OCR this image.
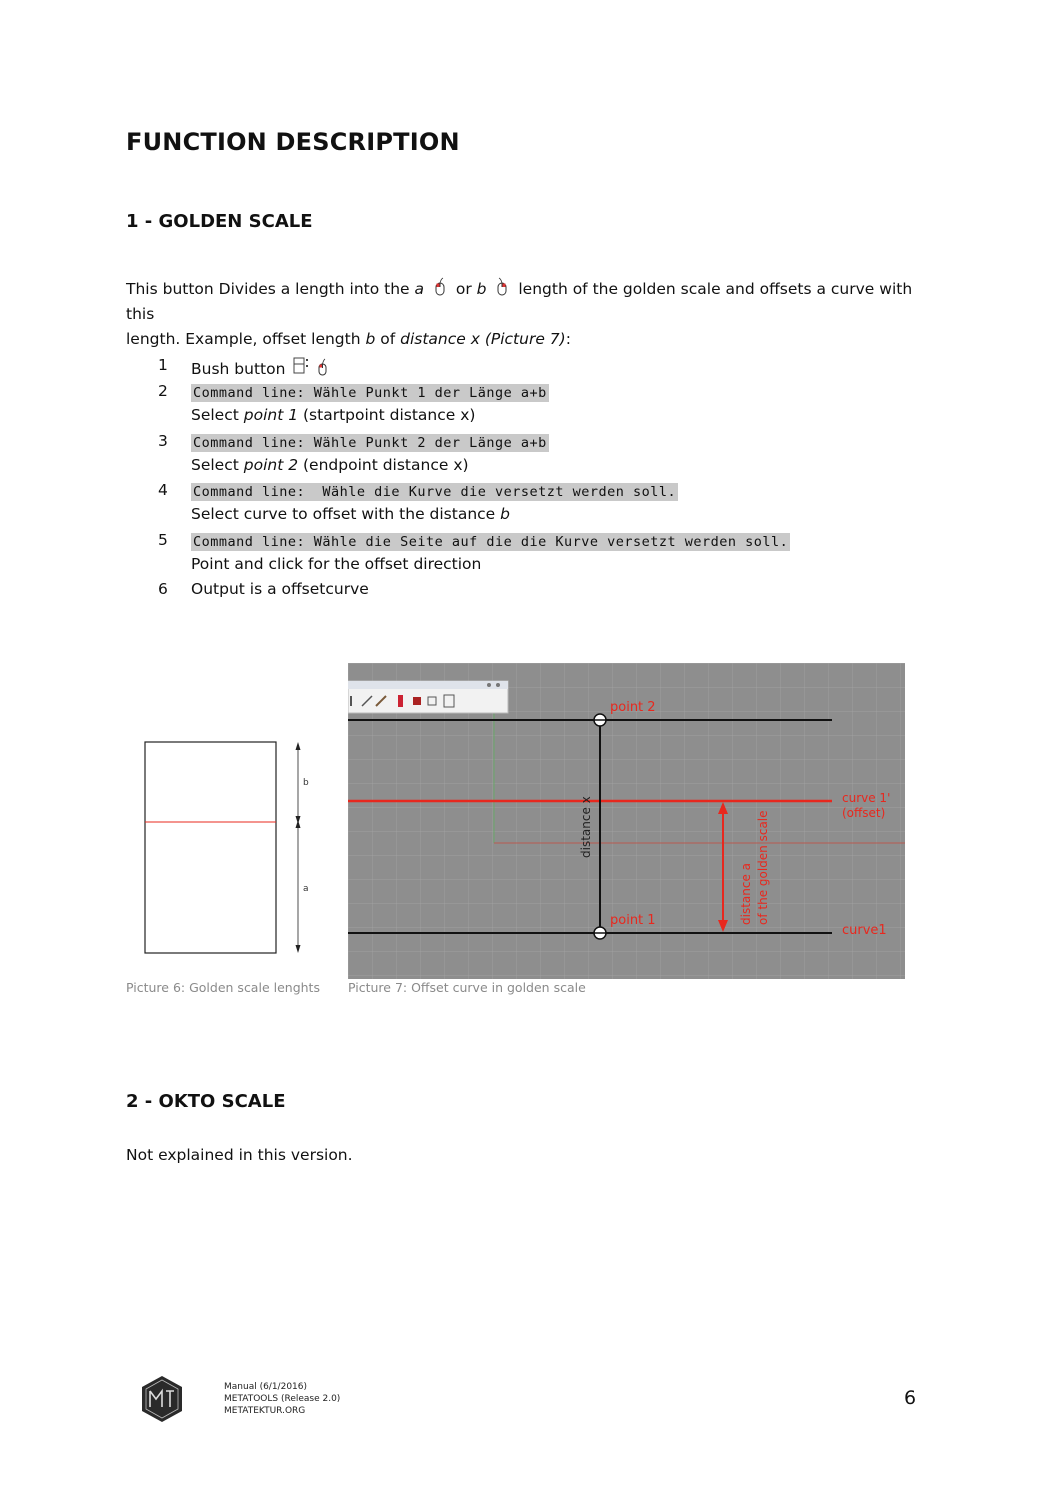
FUNCTION DESCRIPTION
1 - GOLDEN SCALE
This button Divides a length into the a  or b  length of the golden scale and offsets a curve with this
length. Example, offset length b of distance x (Picture 7):
1 Bush button
2 Command line: Wähle Punkt 1 der Länge a+b
Select point 1 (startpoint distance x)
3 Command line: Wähle Punkt 2 der Länge a+b
Select point 2 (endpoint distance x)
4 Command line:  Wähle die Kurve die versetzt werden soll.
Select curve to offset with the distance b
5 Command line: Wähle die Seite auf die die Kurve versetzt werden soll.
Point and click for the offset direction
6 Output is a offsetcurve
b
a
Picture 6: Golden scale lenghts
point 2
point 1
curve 1'
(offset)
curve1
distance x
distance a of the golden scale
Picture 7: Offset curve in golden scale
2 - OKTO SCALE
Not explained in this version.
Manual (6/1/2016)
METATOOLS (Release 2.0)
METATEKTUR.ORG
6
